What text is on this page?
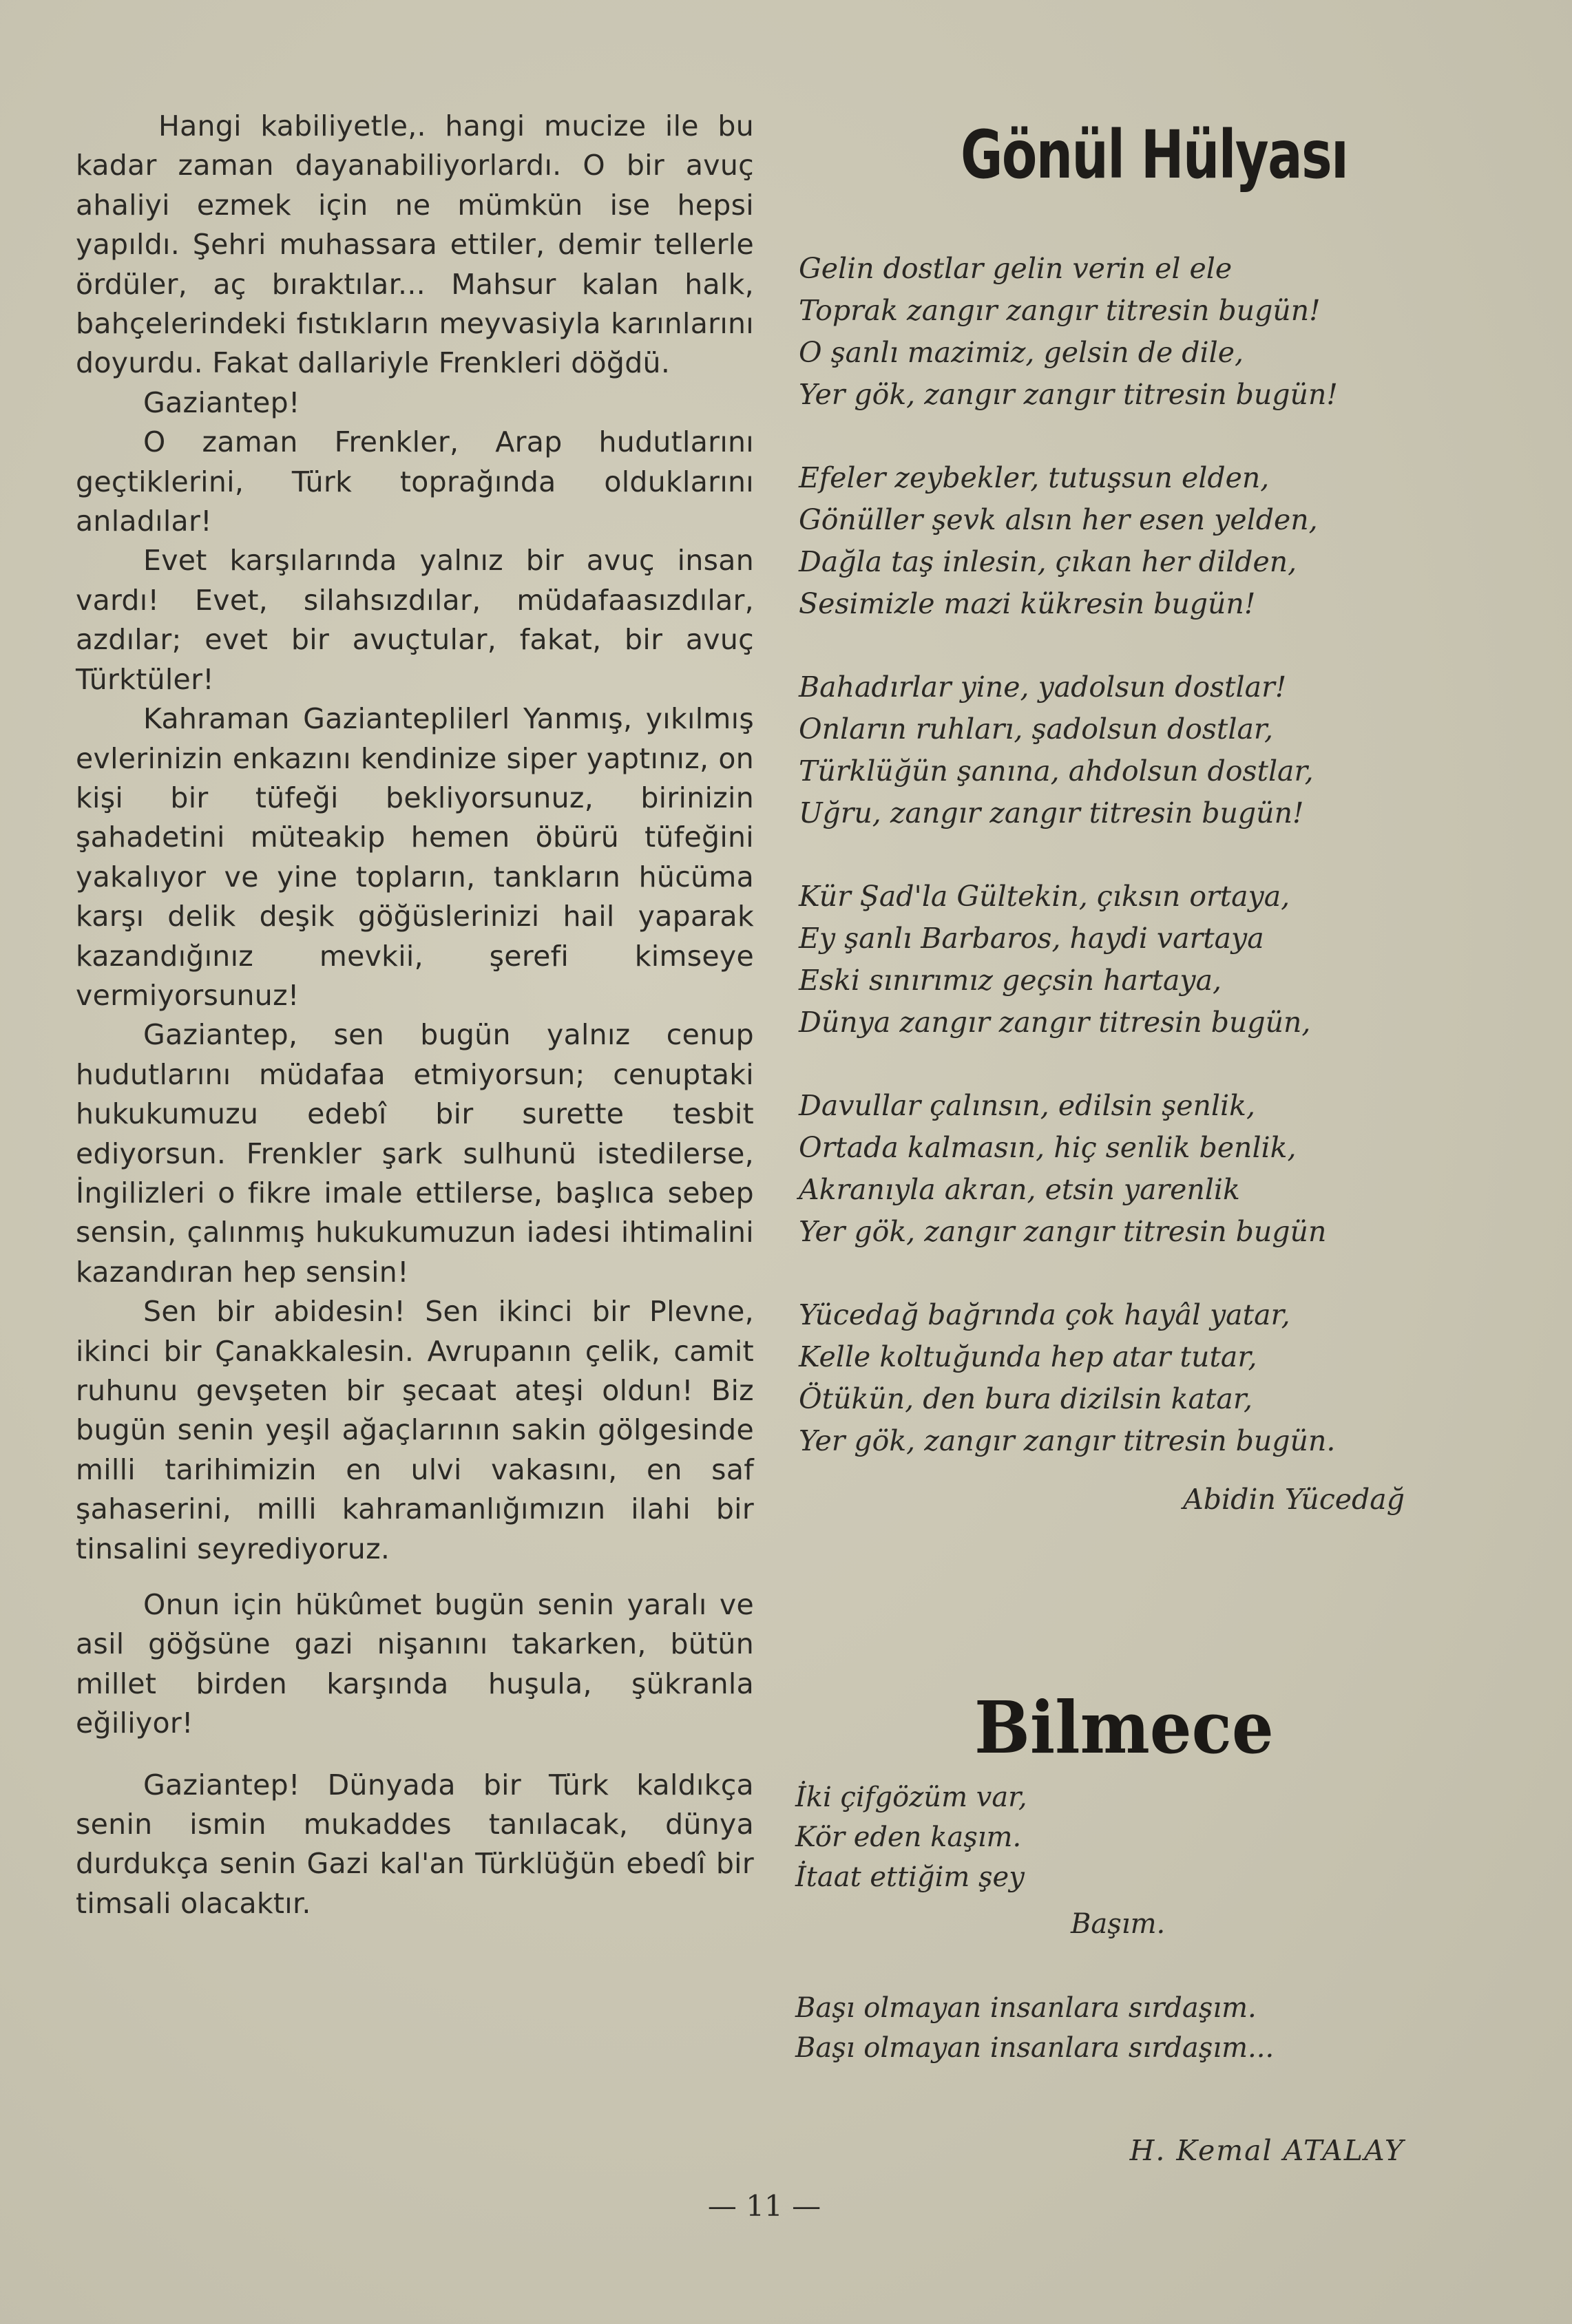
Hangi kabiliyetle,. hangi mucize ile bu kadar zaman dayanabiliyorlardı. O bir avuç ahaliyi ezmek için ne mümkün ise hepsi yapıldı. Şehri muhassara ettiler, demir tellerle ördüler, aç bıraktılar... Mahsur kalan halk, bahçelerindeki fıstıkların meyvasiyla karınlarını doyurdu. Fakat dallariyle Frenkleri döğdü.

Gaziantep!

O zaman Frenkler, Arap hudutlarını geçtiklerini, Türk toprağında olduklarını anladılar!

Evet karşılarında yalnız bir avuç insan vardı! Evet, silahsızdılar, müdafaasızdılar, azdılar; evet bir avuçtular, fakat, bir avuç Türktüler!

Kahraman Gazianteplilerl Yanmış, yıkılmış evlerinizin enkazını kendinize siper yaptınız, on kişi bir tüfeği bekliyorsunuz, birinizin şahadetini müteakip hemen öbürü tüfeğini yakalıyor ve yine topların, tankların hücüma karşı delik deşik göğüslerinizi hail yaparak kazandığınız mevkii, şerefi kimseye vermiyorsunuz!

Gaziantep, sen bugün yalnız cenup hudutlarını müdafaa etmiyorsun; cenuptaki hukukumuzu edebî bir surette tesbit ediyorsun. Frenkler şark sulhunü istedilerse, İngilizleri o fikre imale ettilerse, başlıca sebep sensin, çalınmış hukukumuzun iadesi ihtimalini kazandıran hep sensin!

Sen bir abidesin! Sen ikinci bir Plevne, ikinci bir Çanakkalesin. Avrupanın çelik, camit ruhunu gevşeten bir şecaat ateşi oldun! Biz bugün senin yeşil ağaçlarının sakin gölgesinde milli tarihimizin en ulvi vakasını, en saf şahaserini, milli kahramanlığımızın ilahi bir tinsalini seyrediyoruz.

Onun için hükûmet bugün senin yaralı ve asil göğsüne gazi nişanını takarken, bütün millet birden karşında huşula, şükranla eğiliyor!

Gaziantep! Dünyada bir Türk kaldıkça senin ismin mukaddes tanılacak, dünya durdukça senin Gazi kal'an Türklüğün ebedî bir timsali olacaktır.

Gönül Hülyası
Gelin dostlar gelin verin el ele
Toprak zangır zangır titresin bugün!
O şanlı mazimiz, gelsin de dile,
Yer gök, zangır zangır titresin bugün!
Efeler zeybekler, tutuşsun elden,
Gönüller şevk alsın her esen yelden,
Dağla taş inlesin, çıkan her dilden,
Sesimizle mazi kükresin bugün!
Bahadırlar yine, yadolsun dostlar!
Onların ruhları, şadolsun dostlar,
Türklüğün şanına, ahdolsun dostlar,
Uğru, zangır zangır titresin bugün!
Kür Şad'la Gültekin, çıksın ortaya,
Ey şanlı Barbaros, haydi vartaya
Eski sınırımız geçsin hartaya,
Dünya zangır zangır titresin bugün,
Davullar çalınsın, edilsin şenlik,
Ortada kalmasın, hiç senlik benlik,
Akranıyla akran, etsin yarenlik
Yer gök, zangır zangır titresin bugün
Yücedağ bağrında çok hayâl yatar,
Kelle koltuğunda hep atar tutar,
Ötükün, den bura dizilsin katar,
Yer gök, zangır zangır titresin bugün.
Abidin Yücedağ
Bilmece
İki çifgözüm var,
Kör eden kaşım.
İtaat ettiğim şey
Başım.
Başı olmayan insanlara sırdaşım.
Başı olmayan insanlara sırdaşım...
H. Kemal ATALAY
— 11 —
